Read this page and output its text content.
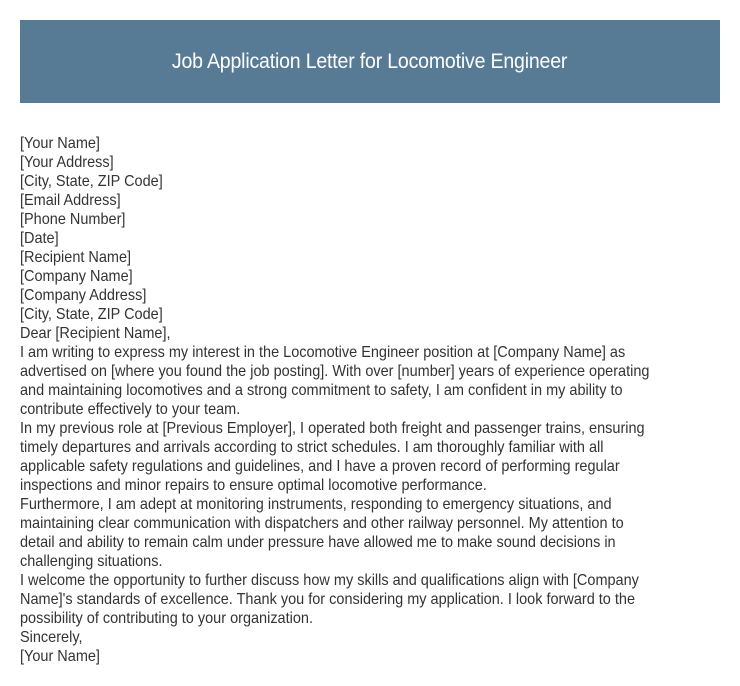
Job Application Letter for Locomotive Engineer
[Your Name]
[Your Address]
[City, State, ZIP Code]
[Email Address]
[Phone Number]
[Date]
[Recipient Name]
[Company Name]
[Company Address]
[City, State, ZIP Code]
Dear [Recipient Name],
I am writing to express my interest in the Locomotive Engineer position at [Company Name] as
advertised on [where you found the job posting]. With over [number] years of experience operating
and maintaining locomotives and a strong commitment to safety, I am confident in my ability to
contribute effectively to your team.
In my previous role at [Previous Employer], I operated both freight and passenger trains, ensuring
timely departures and arrivals according to strict schedules. I am thoroughly familiar with all
applicable safety regulations and guidelines, and I have a proven record of performing regular
inspections and minor repairs to ensure optimal locomotive performance.
Furthermore, I am adept at monitoring instruments, responding to emergency situations, and
maintaining clear communication with dispatchers and other railway personnel. My attention to
detail and ability to remain calm under pressure have allowed me to make sound decisions in
challenging situations.
I welcome the opportunity to further discuss how my skills and qualifications align with [Company
Name]'s standards of excellence. Thank you for considering my application. I look forward to the
possibility of contributing to your organization.
Sincerely,
[Your Name]
